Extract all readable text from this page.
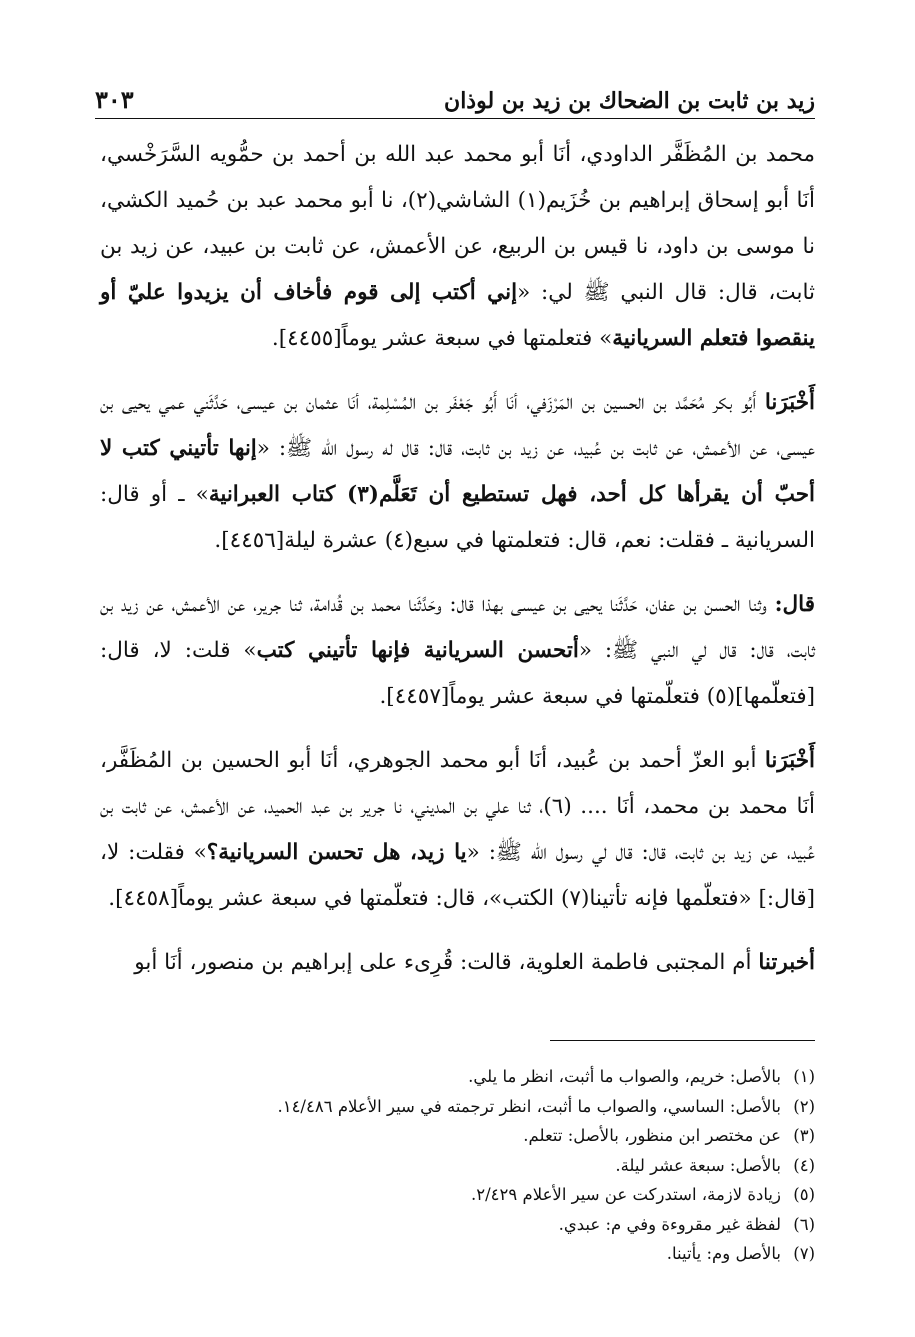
زيد بن ثابت بن الضحاك بن زيد بن لوذان
٣٠٣

محمد بن المُظَفَّر الداودي، أنَا أبو محمد عبد الله بن أحمد بن حمُّويه السَّرَخْسي، أنَا أبو إسحاق إبراهيم بن خُزَيم(١) الشاشي(٢)، نا أبو محمد عبد بن حُميد الكشي، نا موسى بن داود، نا قيس بن الربيع، عن الأعمش، عن ثابت بن عبيد، عن زيد بن ثابت، قال: قال النبي ﷺ لي: «إني أكتب إلى قوم فأخاف أن يزيدوا عليّ أو ينقصوا فتعلم السريانية» فتعلمتها في سبعة عشر يوماً[٤٤٥٥].

أَخْبَرَنا أَبُو بكر مُحَمَّد بن الحسين بن المَرْزَفي، أنَا أَبُو جَعْفَر بن المُسْلِمة، أنَا عثمان بن عيسى، حَدَّثَني عمي يحيى بن عيسى، عن الأعمش، عن ثابت بن عُبيد، عن زيد بن ثابت، قال: قال له رسول الله ﷺ: «إنها تأتيني كتب لا أحبّ أن يقرأها كل أحد، فهل تستطيع أن تَعَلَّم(٣) كتاب العبرانية» ـ أو قال: السريانية ـ فقلت: نعم، قال: فتعلمتها في سبع(٤) عشرة ليلة[٤٤٥٦].

قال: وثنا الحسن بن عفان، حَدَّثَنا يحيى بن عيسى بهذا قال: وحَدَّثَنا محمد بن قُدامة، ثنا جرير، عن الأعمش، عن زيد بن ثابت، قال: قال لي النبي ﷺ: «أتحسن السريانية فإنها تأتيني كتب» قلت: لا، قال: [فتعلّمها](٥) فتعلّمتها في سبعة عشر يوماً[٤٤٥٧].

أَخْبَرَنا أبو العزّ أحمد بن عُبيد، أنَا أبو محمد الجوهري، أنَا أبو الحسين بن المُظَفَّر، أنَا محمد بن محمد، أنَا .... (٦)، ثنا علي بن المديني، نا جرير بن عبد الحميد، عن الأعمش، عن ثابت بن عُبيد، عن زيد بن ثابت، قال: قال لي رسول الله ﷺ: «يا زيد، هل تحسن السريانية؟» فقلت: لا، [قال:] «فتعلّمها فإنه تأتينا(٧) الكتب»، قال: فتعلّمتها في سبعة عشر يوماً[٤٤٥٨].

أخبرتنا أم المجتبى فاطمة العلوية، قالت: قُرِىء على إبراهيم بن منصور، أنَا أبو

(١)
بالأصل: خريم، والصواب ما أثبت، انظر ما يلي.
(٢)
بالأصل: الساسي، والصواب ما أثبت، انظر ترجمته في سير الأعلام ١٤/٤٨٦.
(٣)
عن مختصر ابن منظور، بالأصل: تتعلم.
(٤)
بالأصل: سبعة عشر ليلة.
(٥)
زيادة لازمة، استدركت عن سير الأعلام ٢/٤٢٩.
(٦)
لفظة غير مقروءة وفي م: عبدي.
(٧)
بالأصل وم: يأتينا.
